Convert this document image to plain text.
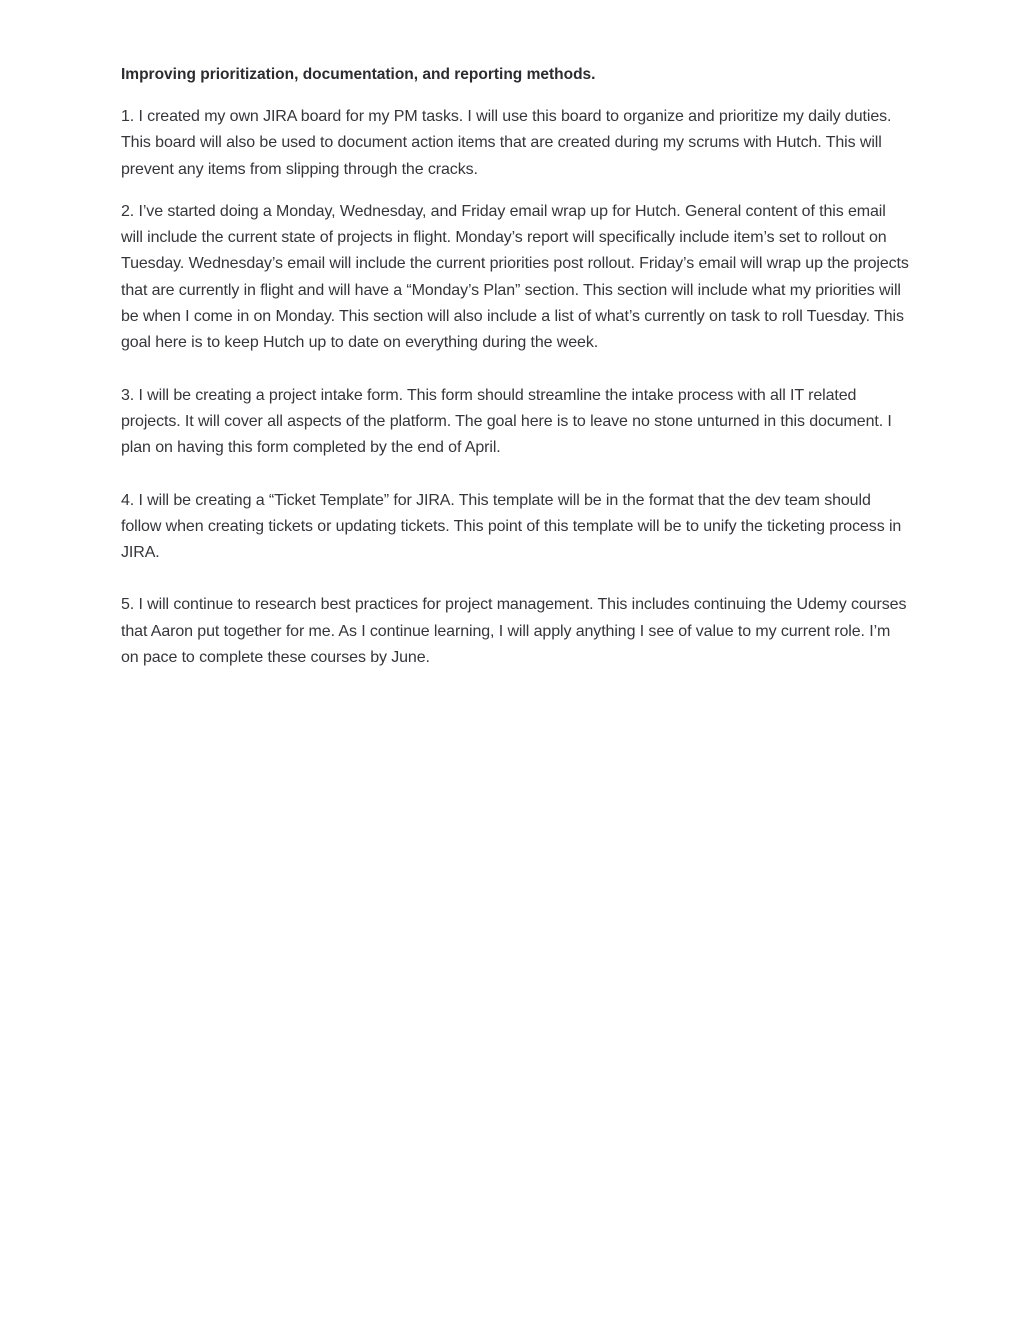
Improving prioritization, documentation, and reporting methods.

1. I created my own JIRA board for my PM tasks. I will use this board to organize and prioritize my daily duties. This board will also be used to document action items that are created during my scrums with Hutch. This will prevent any items from slipping through the cracks.

2. I’ve started doing a Monday, Wednesday, and Friday email wrap up for Hutch. General content of this email will include the current state of projects in flight. Monday’s report will specifically include item’s set to rollout on Tuesday. Wednesday’s email will include the current priorities post rollout. Friday’s email will wrap up the projects that are currently in flight and will have a “Monday’s Plan” section. This section will include what my priorities will be when I come in on Monday. This section will also include a list of what’s currently on task to roll Tuesday. This goal here is to keep Hutch up to date on everything during the week.

3. I will be creating a project intake form. This form should streamline the intake process with all IT related projects. It will cover all aspects of the platform. The goal here is to leave no stone unturned in this document. I plan on having this form completed by the end of April.

4. I will be creating a “Ticket Template” for JIRA. This template will be in the format that the dev team should follow when creating tickets or updating tickets. This point of this template will be to unify the ticketing process in JIRA.

5. I will continue to research best practices for project management. This includes continuing the Udemy courses that Aaron put together for me. As I continue learning, I will apply anything I see of value to my current role. I’m on pace to complete these courses by June.
